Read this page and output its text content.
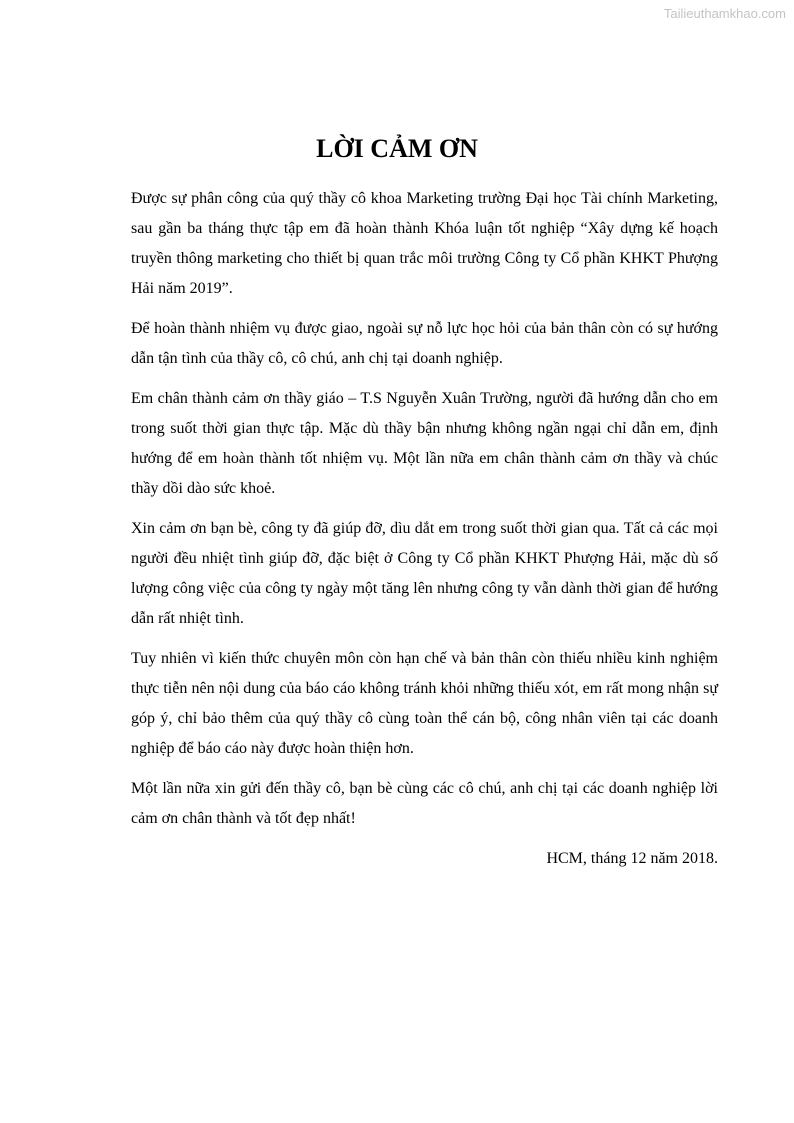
Tailieuthamkhao.com
LỜI CẢM ƠN

Được sự phân công của quý thầy cô khoa Marketing trường Đại học Tài chính Marketing, sau gần ba tháng thực tập em đã hoàn thành Khóa luận tốt nghiệp “Xây dựng kế hoạch truyền thông marketing cho thiết bị quan trắc môi trường Công ty Cổ phần KHKT Phượng Hải năm 2019”.

Để hoàn thành nhiệm vụ được giao, ngoài sự nỗ lực học hỏi của bản thân còn có sự hướng dẫn tận tình của thầy cô, cô chú, anh chị tại doanh nghiệp.

Em chân thành cảm ơn thầy giáo – T.S Nguyễn Xuân Trường, người đã hướng dẫn cho em trong suốt thời gian thực tập. Mặc dù thầy bận nhưng không ngần ngại chỉ dẫn em, định hướng để em hoàn thành tốt nhiệm vụ. Một lần nữa em chân thành cảm ơn thầy và chúc thầy dồi dào sức khoẻ.

Xin cảm ơn bạn bè, công ty đã giúp đỡ, dìu dắt em trong suốt thời gian qua. Tất cả các mọi người đều nhiệt tình giúp đỡ, đặc biệt ở Công ty Cổ phần KHKT Phượng Hải, mặc dù số lượng công việc của công ty ngày một tăng lên nhưng công ty vẫn dành thời gian để hướng dẫn rất nhiệt tình.

Tuy nhiên vì kiến thức chuyên môn còn hạn chế và bản thân còn thiếu nhiều kinh nghiệm thực tiễn nên nội dung của báo cáo không tránh khỏi những thiếu xót, em rất mong nhận sự góp ý, chỉ bảo thêm của quý thầy cô cùng toàn thể cán bộ, công nhân viên tại các doanh nghiệp để báo cáo này được hoàn thiện hơn.

Một lần nữa xin gửi đến thầy cô, bạn bè cùng các cô chú, anh chị tại các doanh nghiệp lời cảm ơn chân thành và tốt đẹp nhất!

HCM, tháng 12 năm 2018.
